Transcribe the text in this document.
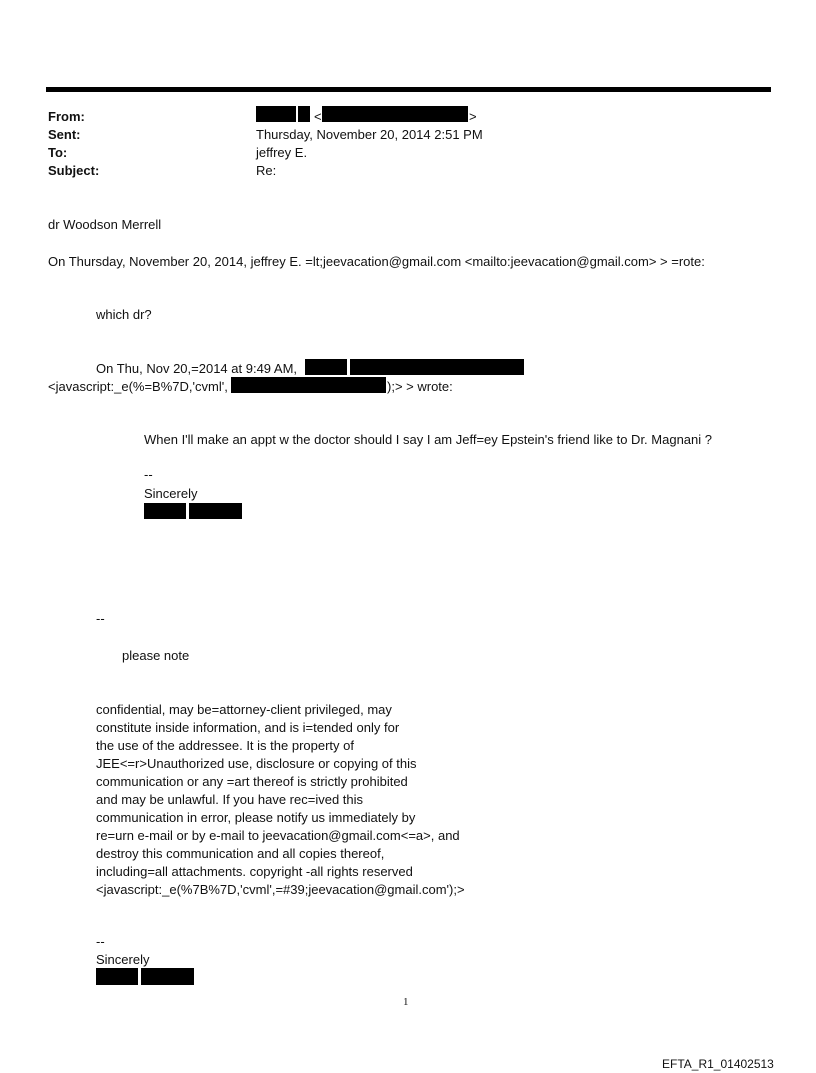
From:
Sent:
To:
Subject:
<	>
Thursday, November 20, 2014 2:51 PM
jeffrey E.
Re:
dr Woodson Merrell
On Thursday, November 20, 2014, jeffrey E. =lt;jeevacation@gmail.com <mailto:jeevacation@gmail.com> > =rote:
which dr?
On Thu, Nov 20,=2014 at 9:49 AM,
<javascript:_e(%=B%7D,'cvml',	);> > wrote:
When I'll make an appt w the doctor should I say I am Jeff=ey Epstein's friend like to Dr. Magnani ?
--
Sincerely
--
please note
confidential, may be=attorney-client privileged, may
constitute inside information, and is i=tended only for
the use of the addressee. It is the property of
JEE<=r>Unauthorized use, disclosure or copying of this
communication or any =art thereof is strictly prohibited
and may be unlawful. If you have rec=ived this
communication in error, please notify us immediately by
re=urn e-mail or by e-mail to jeevacation@gmail.com<=a>, and
destroy this communication and all copies thereof,
including=all attachments. copyright -all rights reserved
<javascript:_e(%7B%7D,'cvml',=#39;jeevacation@gmail.com');>
--
Sincerely
1
EFTA_R1_01402513
